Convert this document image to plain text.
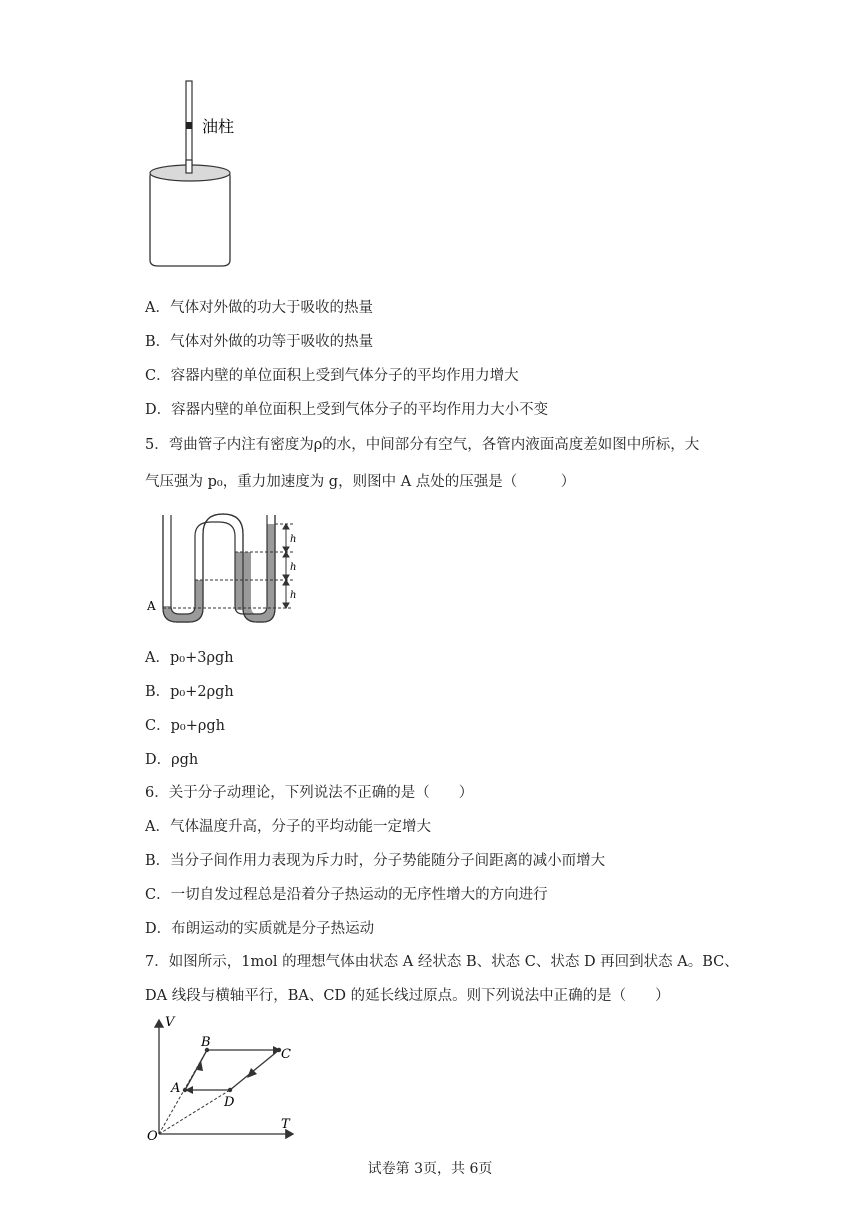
油柱
A．气体对外做的功大于吸收的热量
B．气体对外做的功等于吸收的热量
C．容器内壁的单位面积上受到气体分子的平均作用力增大
D．容器内壁的单位面积上受到气体分子的平均作用力大小不变
5．弯曲管子内注有密度为ρ的水，中间部分有空气，各管内液面高度差如图中所标，大
气压强为 p₀，重力加速度为 g，则图中 A 点处的压强是（　　　）
h
h
h
A
A．p₀+3ρgh
B．p₀+2ρgh
C．p₀+ρgh
D．ρgh
6．关于分子动理论，下列说法不正确的是（　　）
A．气体温度升高，分子的平均动能一定增大
B．当分子间作用力表现为斥力时，分子势能随分子间距离的减小而增大
C．一切自发过程总是沿着分子热运动的无序性增大的方向进行
D．布朗运动的实质就是分子热运动
7．如图所示，1mol 的理想气体由状态 A 经状态 B、状态 C、状态 D 再回到状态 A。BC、
DA 线段与横轴平行，BA、CD 的延长线过原点。则下列说法中正确的是（　　）
V
T
O
A
B
C
D
试卷第 3页，共 6页
